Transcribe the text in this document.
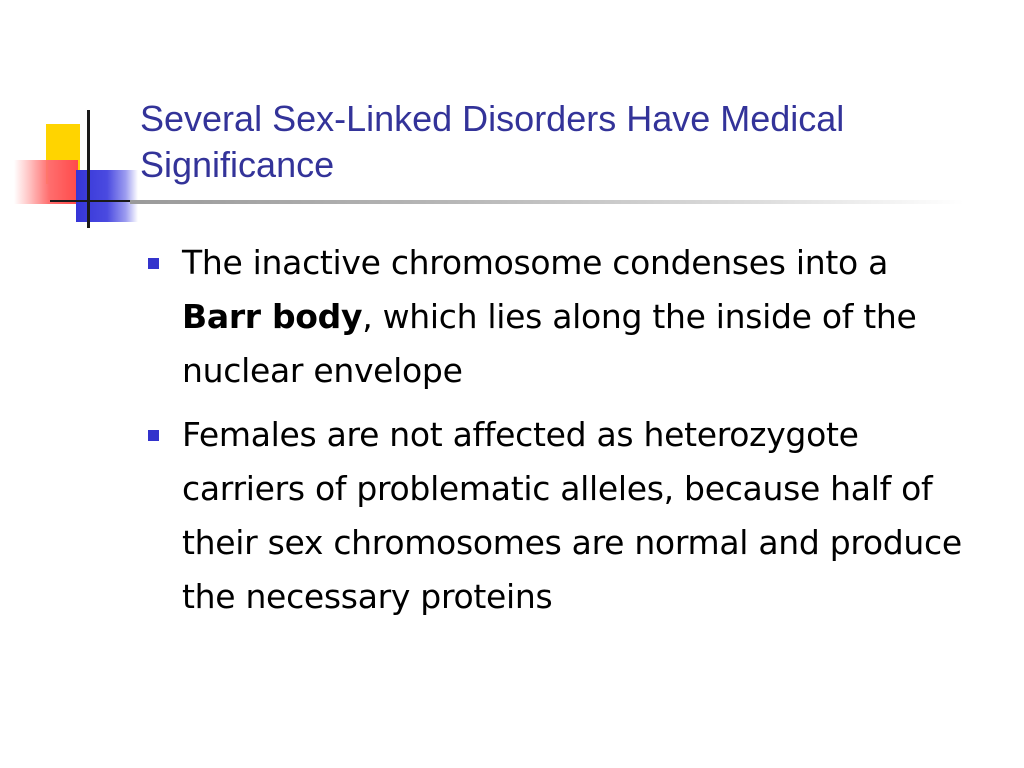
Several Sex-Linked Disorders Have Medical Significance
The inactive chromosome condenses into a Barr body, which lies along the inside of the nuclear envelope
Females are not affected as heterozygote carriers of problematic alleles, because half of their sex chromosomes are normal and produce the necessary proteins
